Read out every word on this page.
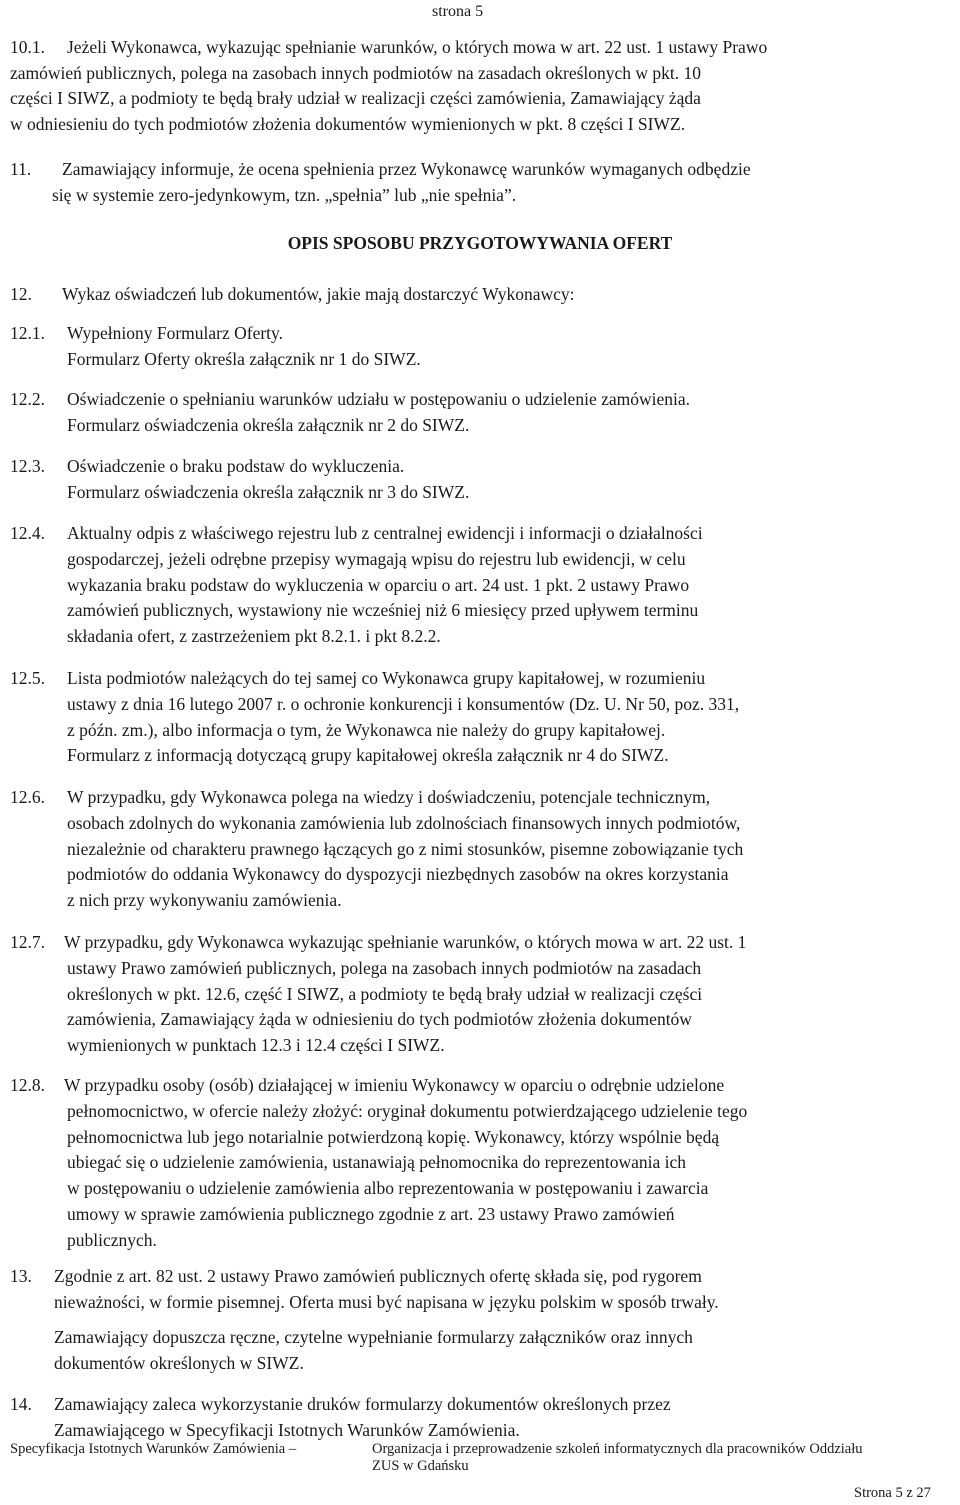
strona 5
10.1. Jeżeli Wykonawca, wykazując spełnianie warunków, o których mowa w art. 22 ust. 1 ustawy Prawo
zamówień publicznych, polega na zasobach innych podmiotów na zasadach określonych w pkt. 10
części I SIWZ, a podmioty te będą brały udział w realizacji części zamówienia, Zamawiający żąda
w odniesieniu do tych podmiotów złożenia dokumentów wymienionych w pkt. 8 części I SIWZ.
11. Zamawiający informuje, że ocena spełnienia przez Wykonawcę warunków wymaganych odbędzie
się w systemie zero-jedynkowym, tzn. „spełnia” lub „nie spełnia”.
OPIS SPOSOBU PRZYGOTOWYWANIA OFERT
12. Wykaz oświadczeń lub dokumentów, jakie mają dostarczyć Wykonawcy:
12.1. Wypełniony Formularz Oferty.
Formularz Oferty określa załącznik nr 1 do SIWZ.
12.2. Oświadczenie o spełnianiu warunków udziału w postępowaniu o udzielenie zamówienia.
Formularz oświadczenia określa załącznik nr 2 do SIWZ.
12.3. Oświadczenie o braku podstaw do wykluczenia.
Formularz oświadczenia określa załącznik nr 3 do SIWZ.
12.4. Aktualny odpis z właściwego rejestru lub z centralnej ewidencji i informacji o działalności
gospodarczej, jeżeli odrębne przepisy wymagają wpisu do rejestru lub ewidencji, w celu
wykazania braku podstaw do wykluczenia w oparciu o art. 24 ust. 1 pkt. 2 ustawy Prawo
zamówień publicznych, wystawiony nie wcześniej niż 6 miesięcy przed upływem terminu
składania ofert, z zastrzeżeniem pkt 8.2.1. i pkt 8.2.2.
12.5. Lista podmiotów należących do tej samej co Wykonawca grupy kapitałowej, w rozumieniu
ustawy z dnia 16 lutego 2007 r. o ochronie konkurencji i konsumentów (Dz. U. Nr 50, poz. 331,
z późn. zm.), albo informacja o tym, że Wykonawca nie należy do grupy kapitałowej.
Formularz z informacją dotyczącą grupy kapitałowej określa załącznik nr 4 do SIWZ.
12.6. W przypadku, gdy Wykonawca polega na wiedzy i doświadczeniu, potencjale technicznym,
osobach zdolnych do wykonania zamówienia lub zdolnościach finansowych innych podmiotów,
niezależnie od charakteru prawnego łączących go z nimi stosunków, pisemne zobowiązanie tych
podmiotów do oddania Wykonawcy do dyspozycji niezbędnych zasobów na okres korzystania
z nich przy wykonywaniu zamówienia.
12.7. W przypadku, gdy Wykonawca wykazując spełnianie warunków, o których mowa w art. 22 ust. 1
ustawy Prawo zamówień publicznych, polega na zasobach innych podmiotów na zasadach
określonych w pkt. 12.6, część I SIWZ, a podmioty te będą brały udział w realizacji części
zamówienia, Zamawiający żąda w odniesieniu do tych podmiotów złożenia dokumentów
wymienionych w punktach 12.3 i 12.4 części I SIWZ.
12.8. W przypadku osoby (osób) działającej w imieniu Wykonawcy w oparciu o odrębnie udzielone
pełnomocnictwo, w ofercie należy złożyć: oryginał dokumentu potwierdzającego udzielenie tego
pełnomocnictwa lub jego notarialnie potwierdzoną kopię. Wykonawcy, którzy wspólnie będą
ubiegać się o udzielenie zamówienia, ustanawiają pełnomocnika do reprezentowania ich
w postępowaniu o udzielenie zamówienia albo reprezentowania w postępowaniu i zawarcia
umowy w sprawie zamówienia publicznego zgodnie z art. 23 ustawy Prawo zamówień
publicznych.
13. Zgodnie z art. 82 ust. 2 ustawy Prawo zamówień publicznych ofertę składa się, pod rygorem
nieważności, w formie pisemnej. Oferta musi być napisana w języku polskim w sposób trwały.
Zamawiający dopuszcza ręczne, czytelne wypełnianie formularzy załączników oraz innych
dokumentów określonych w SIWZ.
14. Zamawiający zaleca wykorzystanie druków formularzy dokumentów określonych przez
Zamawiającego w Specyfikacji Istotnych Warunków Zamówienia.
Specyfikacja Istotnych Warunków Zamówienia –	Organizacja i przeprowadzenie szkoleń informatycznych dla pracowników Oddziału
ZUS w Gdańsku
Strona 5 z 27
